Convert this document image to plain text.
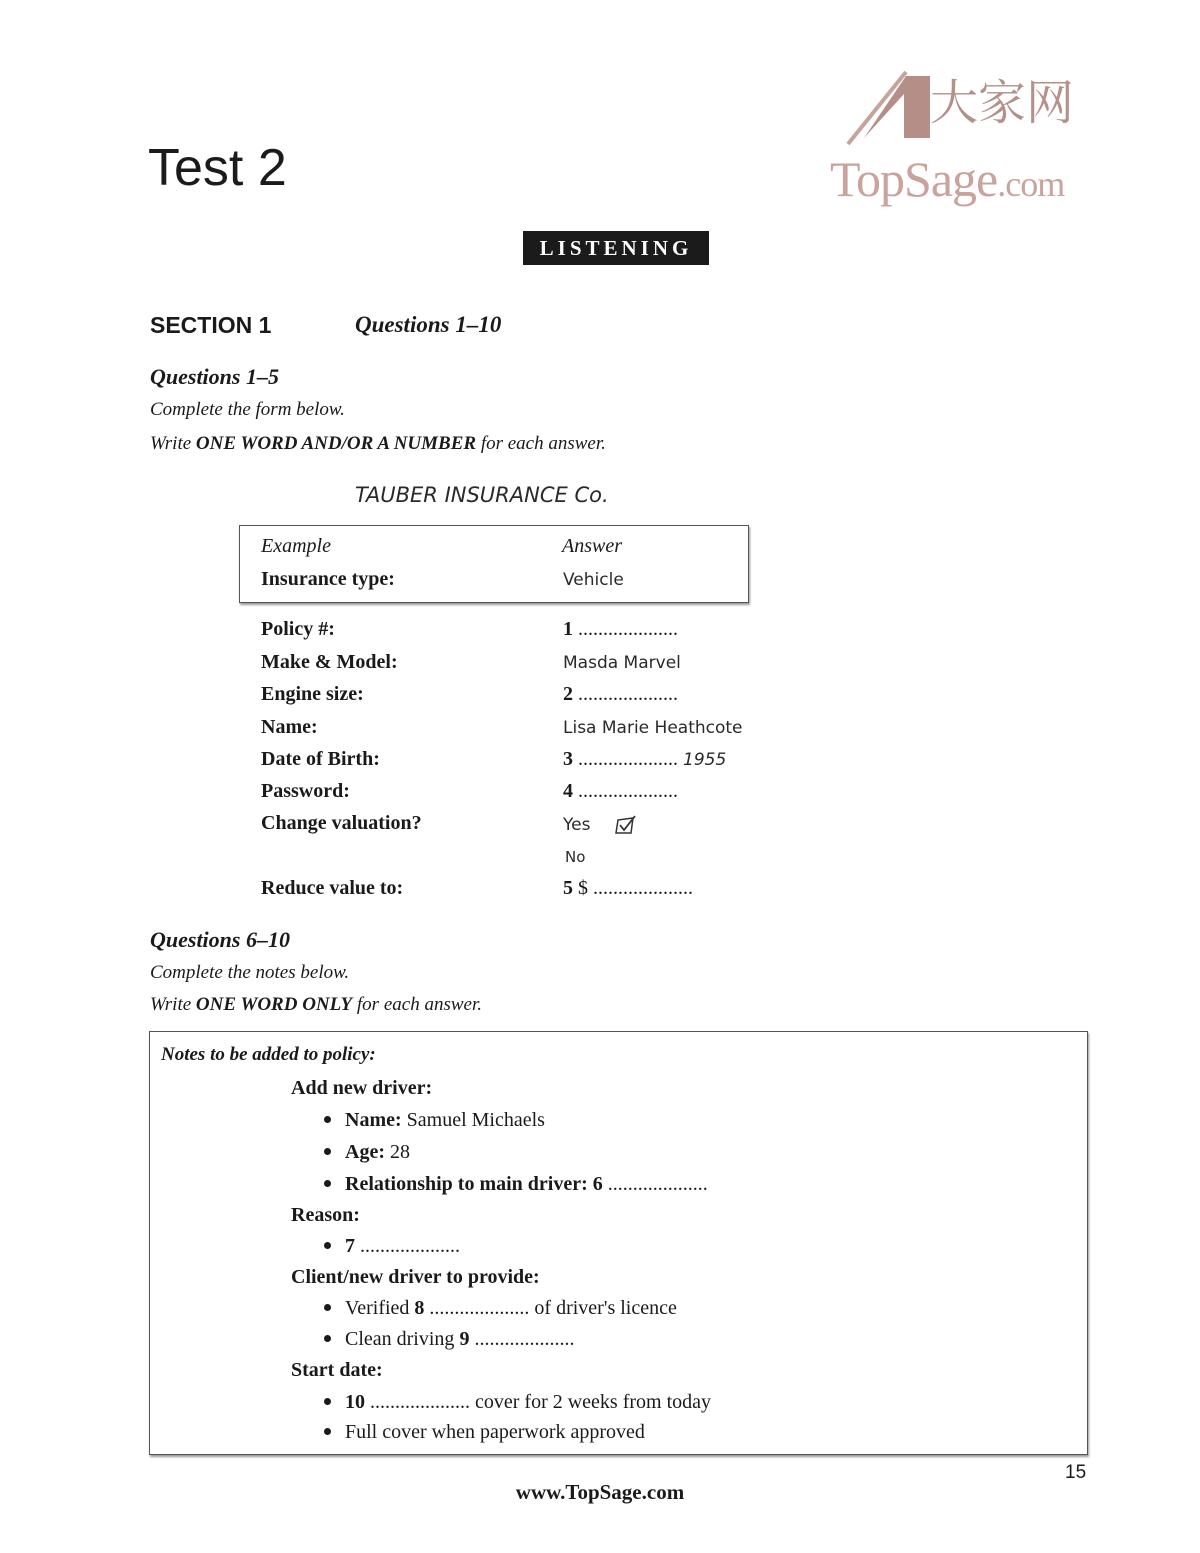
Test 2
LISTENING
大家网
TopSage.com
SECTION 1	Questions 1–10
Questions 1–5
Complete the form below.
Write ONE WORD AND/OR A NUMBER for each answer.
TAUBER INSURANCE Co.
Example	Answer
Insurance type:	Vehicle
Policy #:	1 ....................
Make & Model:	Masda Marvel
Engine size:	2 ....................
Name:	Lisa Marie Heathcote
Date of Birth:	3 .................... 1955
Password:	4 ....................
Change valuation?	Yes
No
Reduce value to:	5 $ ....................
Questions 6–10
Complete the notes below.
Write ONE WORD ONLY for each answer.
Notes to be added to policy:
Add new driver:
Name: Samuel Michaels
Age: 28
Relationship to main driver: 6 ....................
Reason:
7 ....................
Client/new driver to provide:
Verified 8 .................... of driver's licence
Clean driving 9 ....................
Start date:
10 .................... cover for 2 weeks from today
Full cover when paperwork approved
15
www.TopSage.com
